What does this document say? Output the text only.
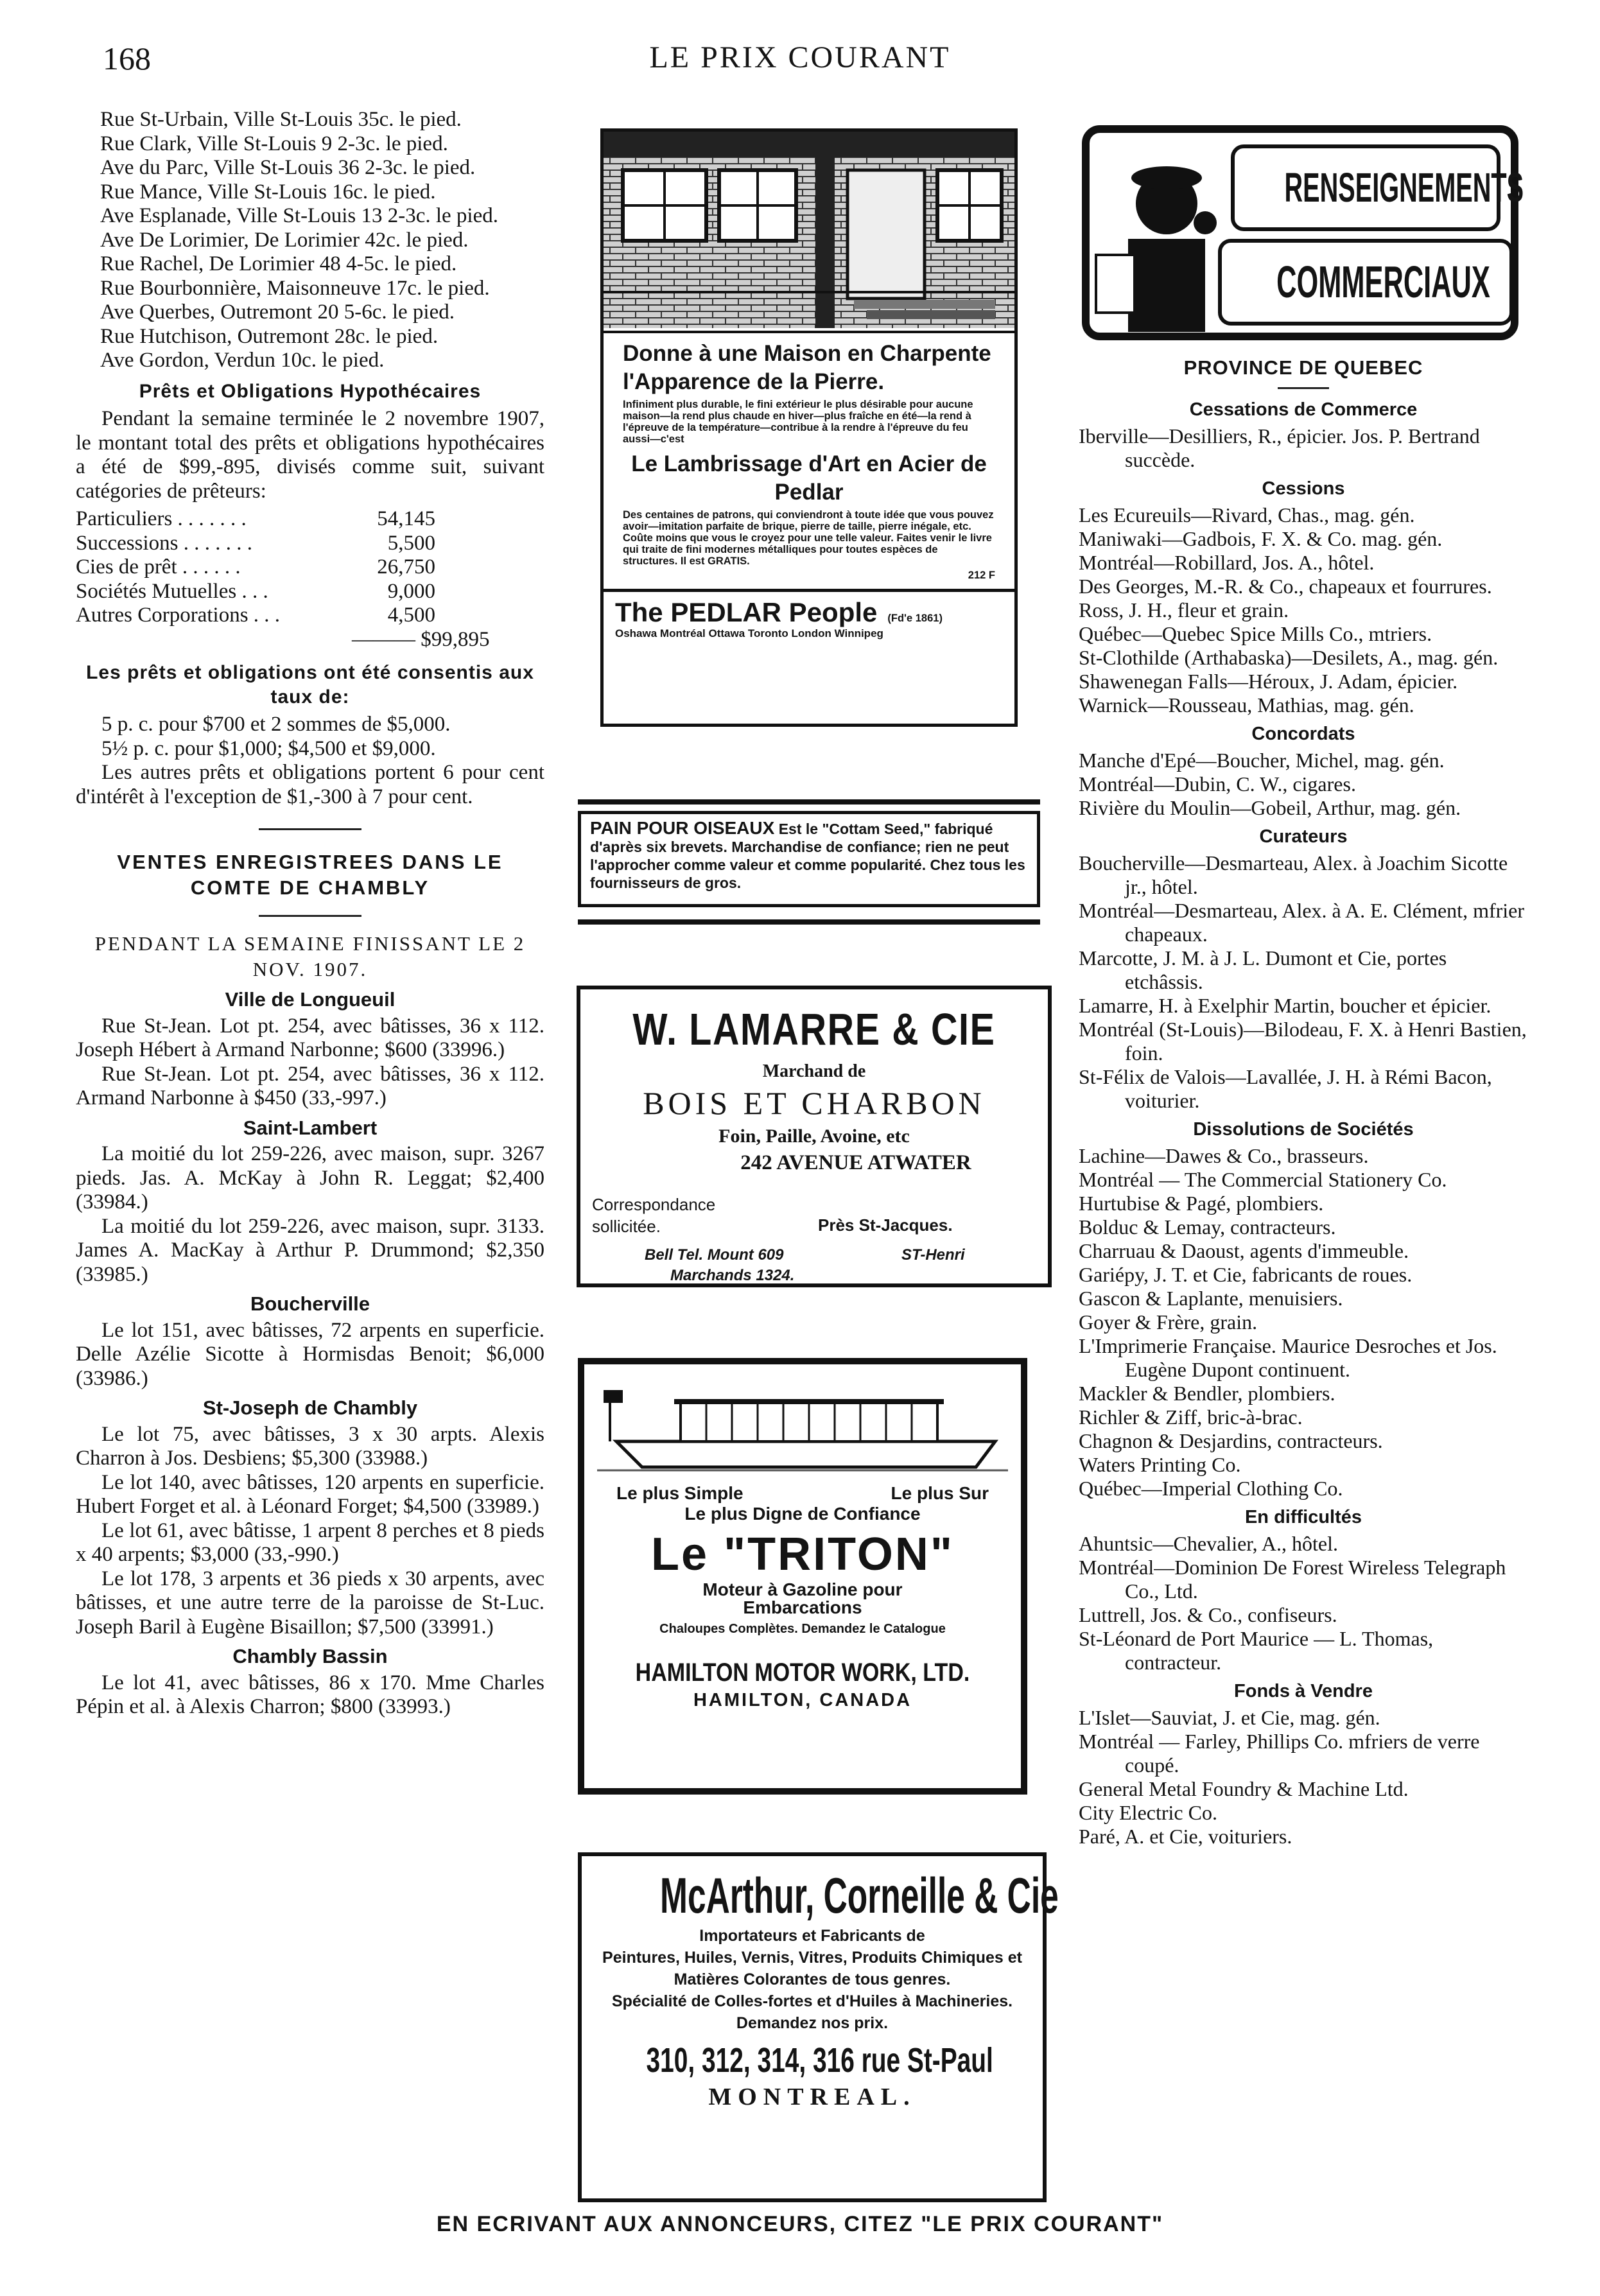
168	LE PRIX COURANT

Rue St-Urbain, Ville St-Louis 35c. le pied.

Rue Clark, Ville St-Louis 9 2-3c. le pied.

Ave du Parc, Ville St-Louis 36 2-3c. le pied.

Rue Mance, Ville St-Louis 16c. le pied.

Ave Esplanade, Ville St-Louis 13 2-3c. le pied.

Ave De Lorimier, De Lorimier 42c. le pied.

Rue Rachel, De Lorimier 48 4-5c. le pied.

Rue Bourbonnière, Maisonneuve 17c. le pied.

Ave Querbes, Outremont 20 5-6c. le pied.

Rue Hutchison, Outremont 28c. le pied.

Ave Gordon, Verdun 10c. le pied.

Prêts et Obligations Hypothécaires

Pendant la semaine terminée le 2 novembre 1907, le montant total des prêts et obligations hypothécaires a été de $99,-895, divisés comme suit, suivant catégories de prêteurs:

Particuliers . . . . . . .	54,145
Successions . . . . . . .	5,500
Cies de prêt . . . . . .	26,750
Sociétés Mutuelles . . .	9,000
Autres Corporations . . .	4,500
——— $99,895
Les prêts et obligations ont été consentis aux taux de:

5 p. c. pour $700 et 2 sommes de $5,000.

5½ p. c. pour $1,000; $4,500 et $9,000.

Les autres prêts et obligations portent 6 pour cent d'intérêt à l'exception de $1,-300 à 7 pour cent.

VENTES ENREGISTREES DANS LE COMTE DE CHAMBLY
PENDANT LA SEMAINE FINISSANT LE 2 NOV. 1907.
Ville de Longueuil

Rue St-Jean. Lot pt. 254, avec bâtisses, 36 x 112. Joseph Hébert à Armand Narbonne; $600 (33996.)

Rue St-Jean. Lot pt. 254, avec bâtisses, 36 x 112. Armand Narbonne à $450 (33,-997.)

Saint-Lambert

La moitié du lot 259-226, avec maison, supr. 3267 pieds. Jas. A. McKay à John R. Leggat; $2,400 (33984.)

La moitié du lot 259-226, avec maison, supr. 3133. James A. MacKay à Arthur P. Drummond; $2,350 (33985.)

Boucherville

Le lot 151, avec bâtisses, 72 arpents en superficie. Delle Azélie Sicotte à Hormisdas Benoit; $6,000 (33986.)

St-Joseph de Chambly

Le lot 75, avec bâtisses, 3 x 30 arpts. Alexis Charron à Jos. Desbiens; $5,300 (33988.)

Le lot 140, avec bâtisses, 120 arpents en superficie. Hubert Forget et al. à Léonard Forget; $4,500 (33989.)

Le lot 61, avec bâtisse, 1 arpent 8 perches et 8 pieds x 40 arpents; $3,000 (33,-990.)

Le lot 178, 3 arpents et 36 pieds x 30 arpents, avec bâtisses, et une autre terre de la paroisse de St-Luc. Joseph Baril à Eugène Bisaillon; $7,500 (33991.)

Chambly Bassin

Le lot 41, avec bâtisses, 86 x 170. Mme Charles Pépin et al. à Alexis Charron; $800 (33993.)

Donne à une Maison en Charpente l'Apparence de la Pierre.
Infiniment plus durable, le fini extérieur le plus désirable pour aucune maison—la rend plus chaude en hiver—plus fraîche en été—la rend à l'épreuve de la température—contribue à la rendre à l'épreuve du feu aussi—c'est
Le Lambrissage d'Art en Acier de Pedlar
Des centaines de patrons, qui conviendront à toute idée que vous pouvez avoir—imitation parfaite de brique, pierre de taille, pierre inégale, etc. Coûte moins que vous le croyez pour une telle valeur. Faites venir le livre qui traite de fini modernes métalliques pour toutes espèces de structures. Il est GRATIS.
212 F
The PEDLAR People (Fd'e 1861)
Oshawa Montréal Ottawa Toronto London Winnipeg
PAIN POUR OISEAUX Est le "Cottam Seed," fabriqué d'après six brevets. Marchandise de confiance; rien ne peut l'approcher comme valeur et comme popularité. Chez tous les fournisseurs de gros.
W. LAMARRE & CIE
Marchand de
BOIS ET CHARBON
Foin, Paille, Avoine, etc
242 AVENUE ATWATER
Correspondance sollicitée.	Près St-Jacques.
Bell Tel. Mount 609	ST-Henri
Marchands 1324.
Le plus Simple	Le plus Sur
Le plus Digne de Confiance
Le "TRITON"
Moteur à Gazoline pour Embarcations
Chaloupes Complètes. Demandez le Catalogue
HAMILTON MOTOR WORK, LTD.
HAMILTON, CANADA
McArthur, Corneille & Cie
Importateurs et Fabricants de
Peintures, Huiles, Vernis, Vitres, Produits Chimiques et Matières Colorantes de tous genres.
Spécialité de Colles-fortes et d'Huiles à Machineries.
Demandez nos prix.
310, 312, 314, 316 rue St-Paul
MONTREAL.
RENSEIGNEMENTS
COMMERCIAUX
PROVINCE DE QUEBEC
Cessations de Commerce

Iberville—Desilliers, R., épicier. Jos. P. Bertrand succède.

Cessions

Les Ecureuils—Rivard, Chas., mag. gén.

Maniwaki—Gadbois, F. X. & Co. mag. gén.

Montréal—Robillard, Jos. A., hôtel.

Des Georges, M.-R. & Co., chapeaux et fourrures.

Ross, J. H., fleur et grain.

Québec—Quebec Spice Mills Co., mtriers.

St-Clothilde (Arthabaska)—Desilets, A., mag. gén.

Shawenegan Falls—Héroux, J. Adam, épicier.

Warnick—Rousseau, Mathias, mag. gén.

Concordats

Manche d'Epé—Boucher, Michel, mag. gén.

Montréal—Dubin, C. W., cigares.

Rivière du Moulin—Gobeil, Arthur, mag. gén.

Curateurs

Boucherville—Desmarteau, Alex. à Joachim Sicotte jr., hôtel.

Montréal—Desmarteau, Alex. à A. E. Clément, mfrier chapeaux.

Marcotte, J. M. à J. L. Dumont et Cie, portes etchâssis.

Lamarre, H. à Exelphir Martin, boucher et épicier.

Montréal (St-Louis)—Bilodeau, F. X. à Henri Bastien, foin.

St-Félix de Valois—Lavallée, J. H. à Rémi Bacon, voiturier.

Dissolutions de Sociétés

Lachine—Dawes & Co., brasseurs.

Montréal — The Commercial Stationery Co.

Hurtubise & Pagé, plombiers.

Bolduc & Lemay, contracteurs.

Charruau & Daoust, agents d'immeuble.

Gariépy, J. T. et Cie, fabricants de roues.

Gascon & Laplante, menuisiers.

Goyer & Frère, grain.

L'Imprimerie Française. Maurice Desroches et Jos. Eugène Dupont continuent.

Mackler & Bendler, plombiers.

Richler & Ziff, bric-à-brac.

Chagnon & Desjardins, contracteurs.

Waters Printing Co.

Québec—Imperial Clothing Co.

En difficultés

Ahuntsic—Chevalier, A., hôtel.

Montréal—Dominion De Forest Wireless Telegraph Co., Ltd.

Luttrell, Jos. & Co., confiseurs.

St-Léonard de Port Maurice — L. Thomas, contracteur.

Fonds à Vendre

L'Islet—Sauviat, J. et Cie, mag. gén.

Montréal — Farley, Phillips Co. mfriers de verre coupé.

General Metal Foundry & Machine Ltd.

City Electric Co.

Paré, A. et Cie, voituriers.

EN ECRIVANT AUX ANNONCEURS, CITEZ "LE PRIX COURANT"
